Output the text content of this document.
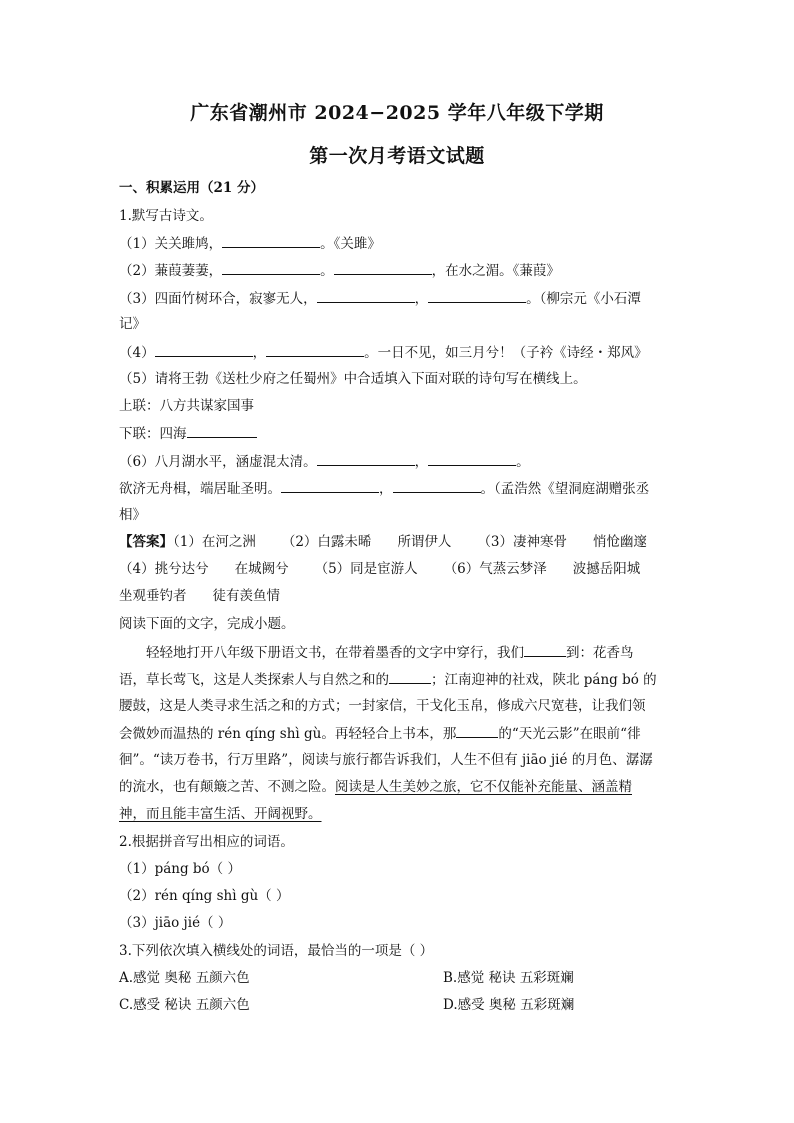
广东省潮州市 2024−2025 学年八年级下学期
第一次月考语文试题
一、积累运用（21 分）
1.默写古诗文。
（1）关关雎鸠，	。《关雎》
（2）蒹葭萋萋，	。	，在水之湄。《蒹葭》
（3）四面竹树环合，寂寥无人，	，	。（柳宗元《小石潭
记》
（4）	，	。一日不见，如三月兮！（子衿《诗经・郑风》
（5）请将王勃《送杜少府之任蜀州》中合适填入下面对联的诗句写在横线上。
上联：八方共谋家国事
下联：四海
（6）八月湖水平，涵虚混太清。	，	。
欲济无舟楫，端居耻圣明。	，	。（孟浩然《望洞庭湖赠张丞
相》
【答案】（1）在河之洲 （2）白露未晞 所谓伊人 （3）凄神寒骨 悄怆幽邃
（4）挑兮达兮 在城阙兮 （5）同是宦游人 （6）气蒸云梦泽 波撼岳阳城
坐观垂钓者 徒有羡鱼情
阅读下面的文字，完成小题。
轻轻地打开八年级下册语文书，在带着墨香的文字中穿行，我们	到：花香鸟
语，草长莺飞，这是人类探索人与自然之和的	；江南迎神的社戏，陕北 páng bó 的
腰鼓，这是人类寻求生活之和的方式；一封家信，干戈化玉帛，修成六尺宽巷，让我们领
会微妙而温热的 rén qíng shì gù。再轻轻合上书本，那	的“天光云影”在眼前“徘
徊”。“读万卷书，行万里路”，阅读与旅行都告诉我们，人生不但有 jiāo jié 的月色、潺潺
的流水，也有颠簸之苦、不测之险。阅读是人生美妙之旅，它不仅能补充能量、涵盖精
神，而且能丰富生活、开阔视野。
2.根据拼音写出相应的词语。
（1）páng bó（ ）
（2）rén qíng shì gù（ ）
（3）jiāo jié（ ）
3.下列依次填入横线处的词语，最恰当的一项是（ ）
A.感觉 奥秘 五颜六色	B.感觉 秘诀 五彩斑斓
C.感受 秘诀 五颜六色	D.感受 奥秘 五彩斑斓
